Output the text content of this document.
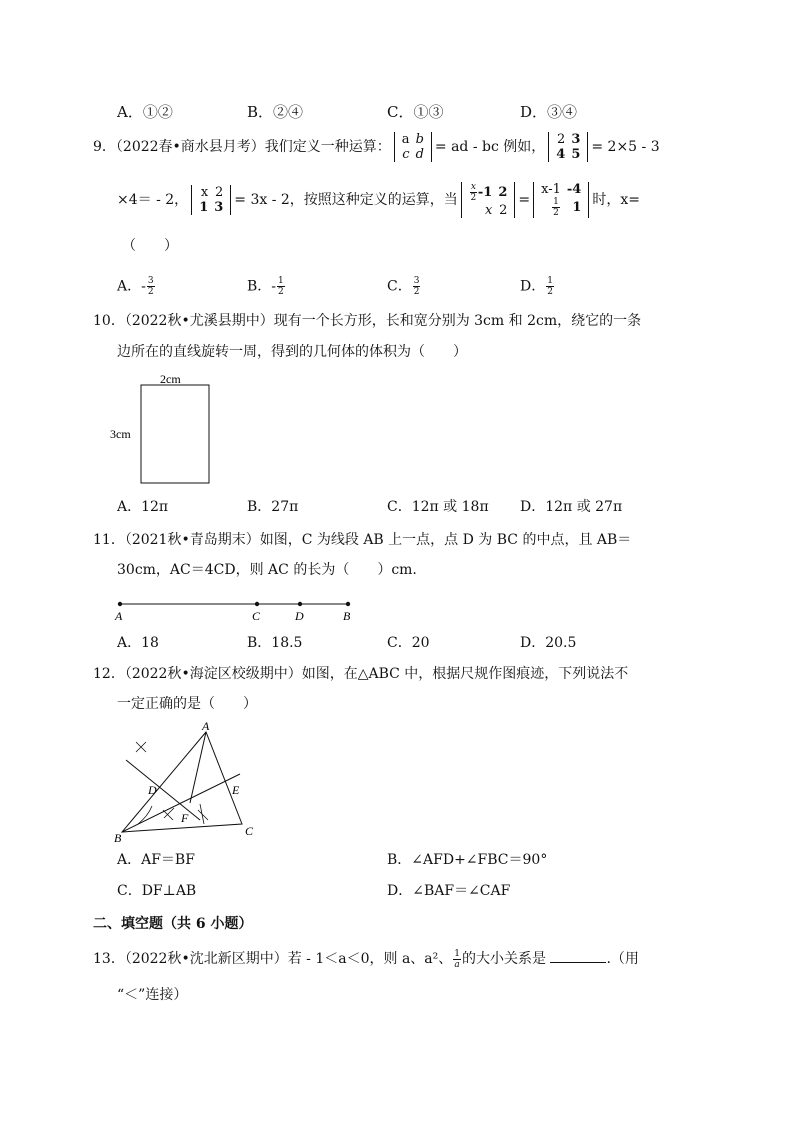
A．①②	B．②④	C．①③	D．③④
9．（2022春•商水县月考）我们定义一种运算： a	b
c	d = ad - bc 例如， 2	3
4	5 = 2×5 - 3
×4＝ - 2， x	2
1	3 = 3x - 2，按照这种定义的运算，当 $\frac{x}{2} -1$	2
x	2
=
x-1	-4

$\frac{1}{2}$	1 时，x=
（　　）
A．- $\frac{3}{2}$	B．- $\frac{1}{2}$	C． $\frac{3}{2}$	D． $\frac{1}{2}$
10．（2022秋•尤溪县期中）现有一个长方形，长和宽分别为 3cm 和 2cm，绕它的一条
边所在的直线旋转一周，得到的几何体的体积为（　　）
2cm
3cm
A．12π	B．27π	C．12π 或 18π D．12π 或 27π
11．（2021秋•青岛期末）如图，C 为线段 AB 上一点，点 D 为 BC 的中点，且 AB＝
30cm，AC＝4CD，则 AC 的长为（　　）cm.
A	C	D	B
A．18	B．18.5	C．20	D．20.5
12．（2022秋•海淀区校级期中）如图，在△ABC 中，根据尺规作图痕迹，下列说法不
一定正确的是（　　）
A
B	C
D	E
F
A．AF＝BF	B．∠AFD+∠FBC＝90°
C．DF⊥AB	D．∠BAF＝∠CAF
二、填空题（共 6 小题）
13．（2022秋•沈北新区期中）若 - 1＜a＜0，则 a、a²、 $\frac{1}{a}$ 的大小关系是	.（用
“＜”连接）
